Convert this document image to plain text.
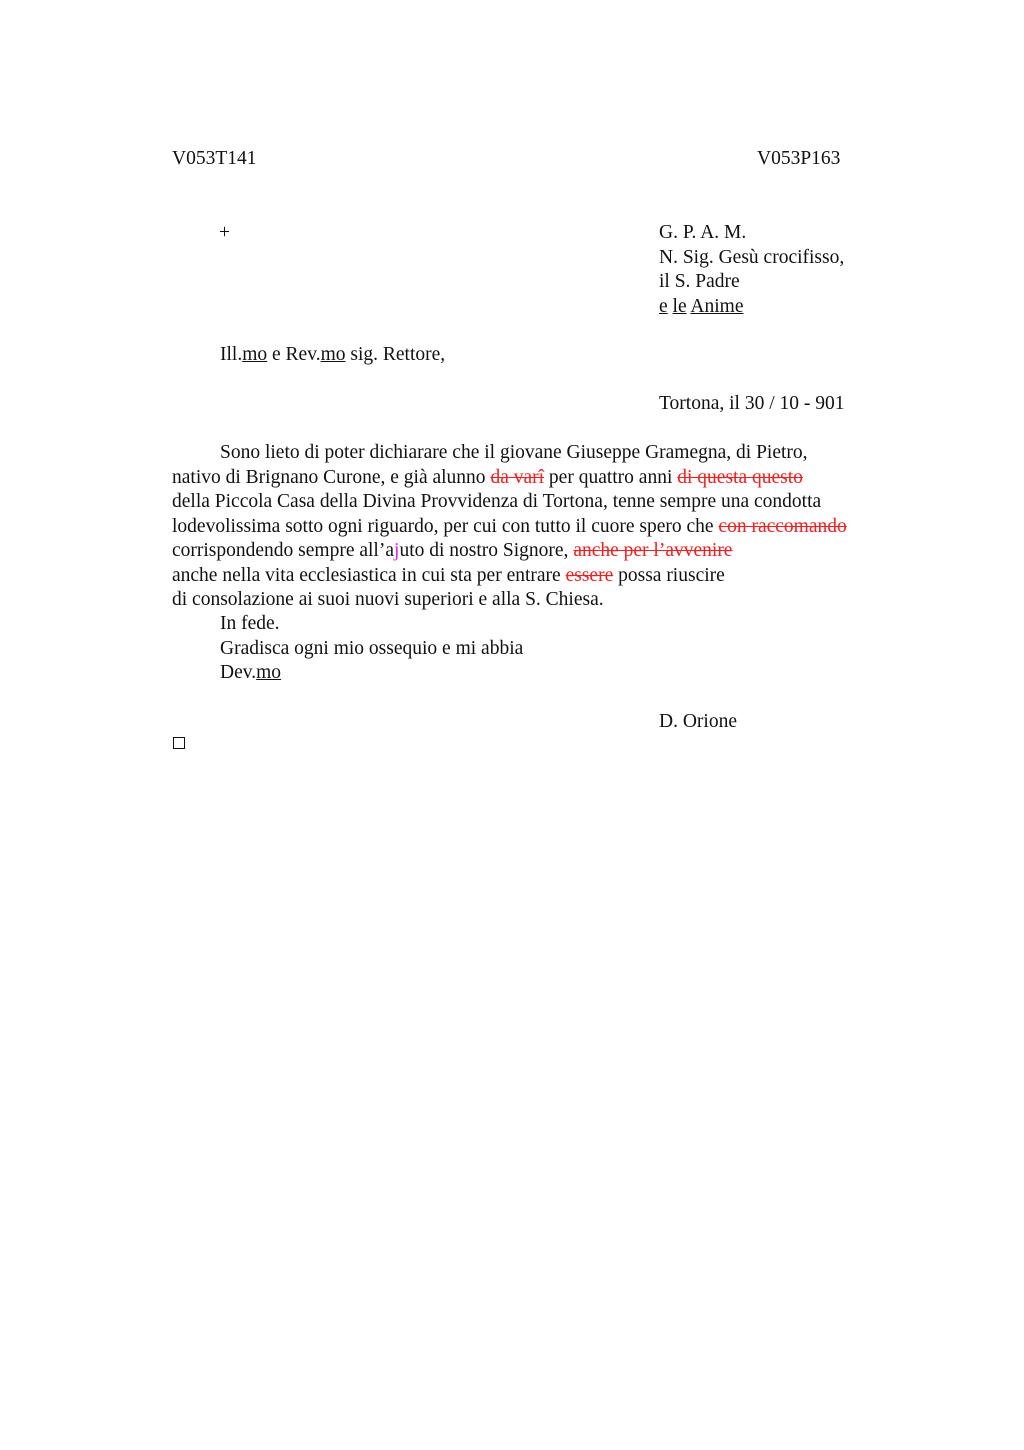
V053T141	V053P163
+	G. P. A. M.
N. Sig. Gesù crocifisso,
il S. Padre
e le Anime
Ill.mo e Rev.mo sig. Rettore,
Tortona, il 30 / 10 - 901
Sono lieto di poter dichiarare che il giovane Giuseppe Gramegna, di Pietro,
nativo di Brignano Curone, e già alunno da varî per quattro anni di questa questo
della Piccola Casa della Divina Provvidenza di Tortona, tenne sempre una condotta
lodevolissima sotto ogni riguardo, per cui con tutto il cuore spero che con raccomando
corrispondendo sempre all’ajuto di nostro Signore, anche per l’avvenire
anche nella vita ecclesiastica in cui sta per entrare essere possa riuscire
di consolazione ai suoi nuovi superiori e alla S. Chiesa.
In fede.
Gradisca ogni mio ossequio e mi abbia
Dev.mo
D. Orione
